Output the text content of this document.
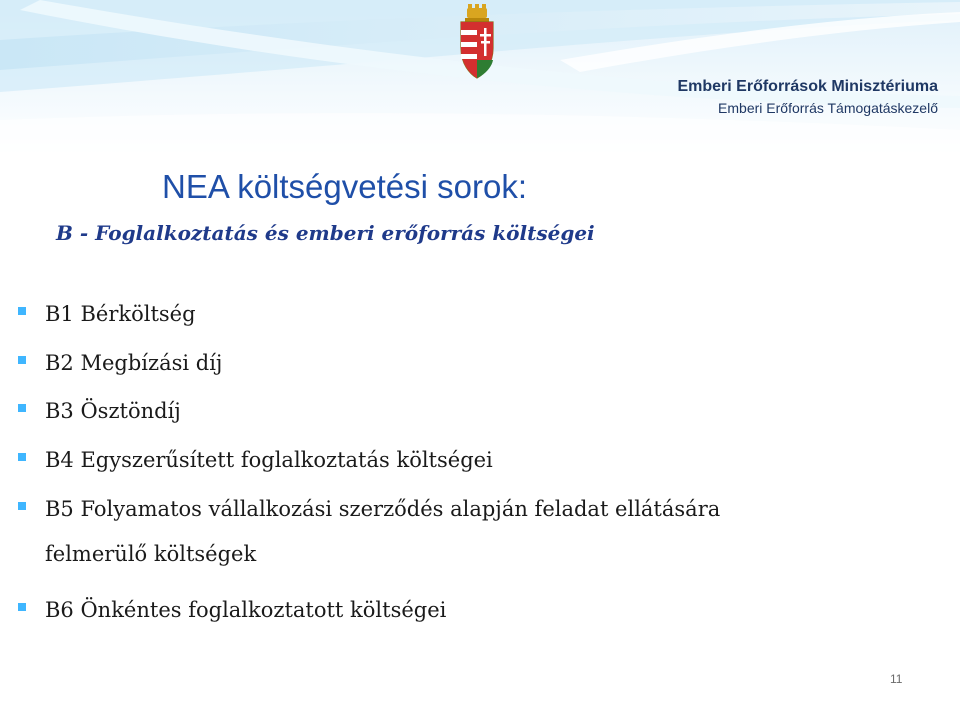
Emberi Erőforrások Minisztériuma
Emberi Erőforrás Támogatáskezelő
NEA költségvetési sorok:
B - Foglalkoztatás és emberi erőforrás költségei
B1 Bérköltség
B2 Megbízási díj
B3 Ösztöndíj
B4 Egyszerűsített foglalkoztatás költségei
B5 Folyamatos vállalkozási szerződés alapján feladat ellátására felmerülő költségek
B6 Önkéntes foglalkoztatott költségei
11
